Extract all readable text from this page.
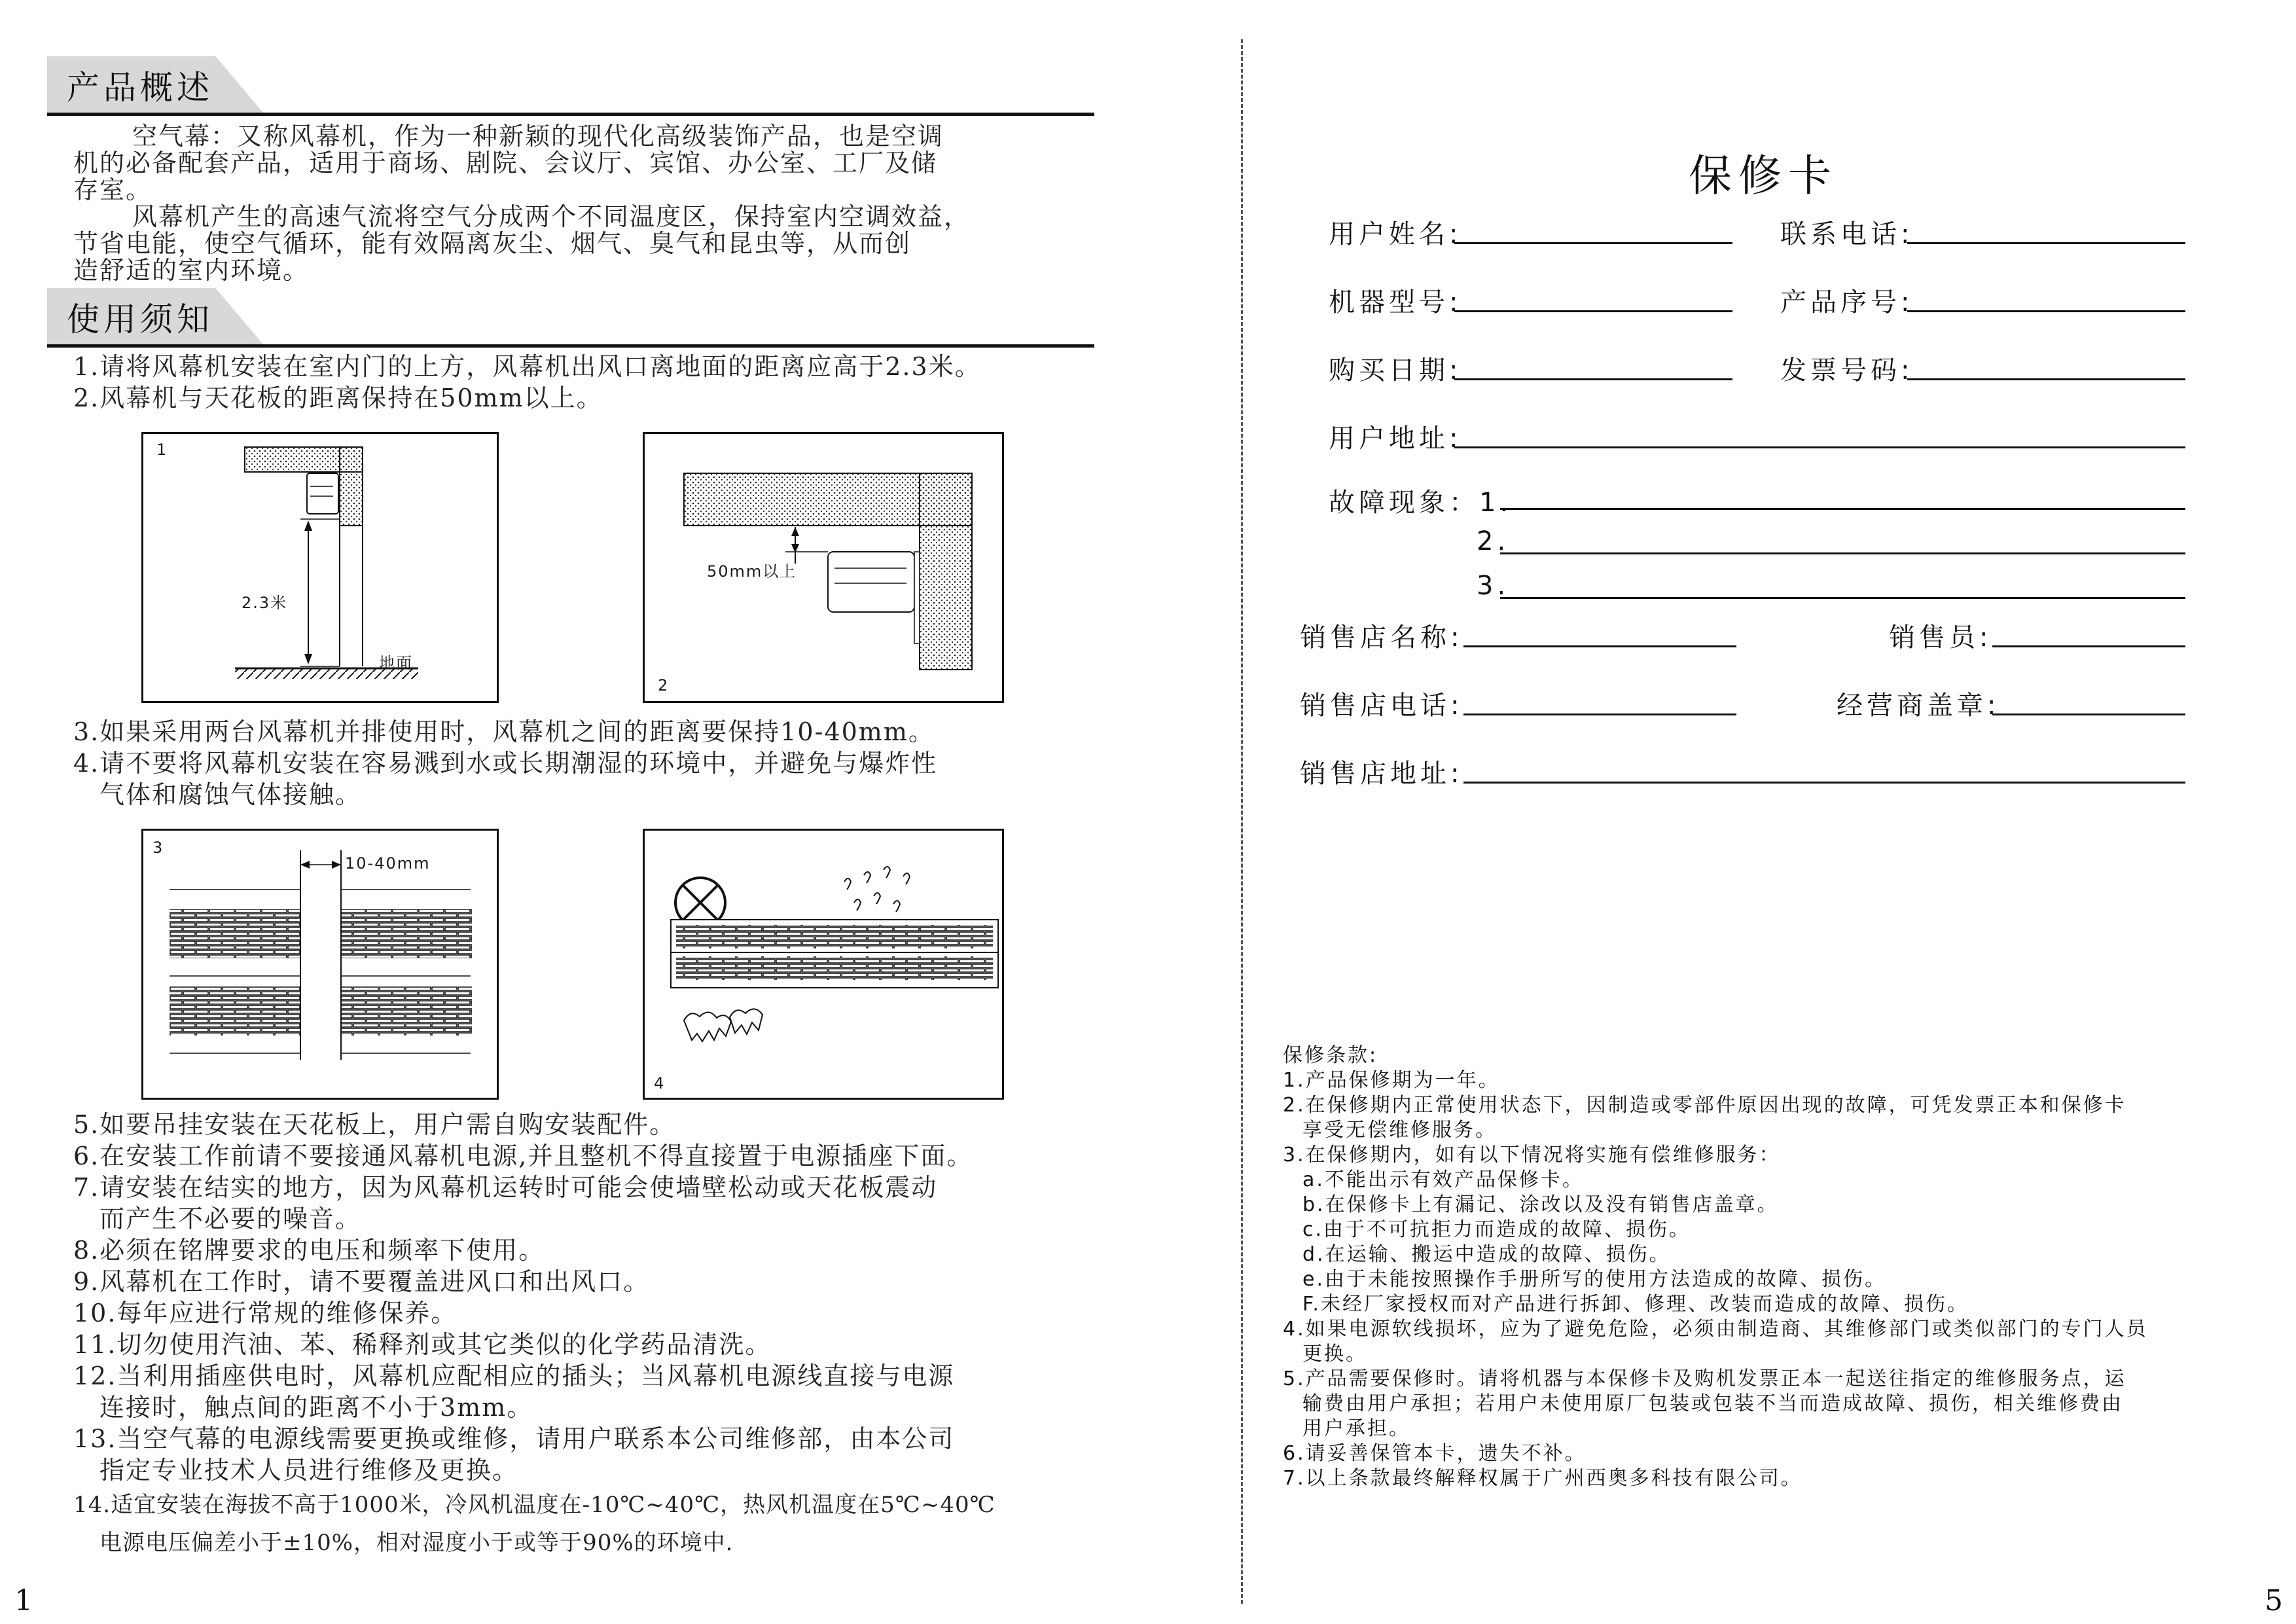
产品概述
空气幕：又称风幕机，作为一种新颖的现代化高级装饰产品，也是空调
机的必备配套产品，适用于商场、剧院、会议厅、宾馆、办公室、工厂及储
存室。
风幕机产生的高速气流将空气分成两个不同温度区，保持室内空调效益，
节省电能，使空气循环，能有效隔离灰尘、烟气、臭气和昆虫等，从而创
造舒适的室内环境。
使用须知
1.请将风幕机安装在室内门的上方，风幕机出风口离地面的距离应高于2.3米。
2.风幕机与天花板的距离保持在50mm以上。
1
2.3米
地面
2
50mm以上
3.如果采用两台风幕机并排使用时，风幕机之间的距离要保持10-40mm。
4.请不要将风幕机安装在容易溅到水或长期潮湿的环境中，并避免与爆炸性
气体和腐蚀气体接触。
3
10-40mm
4
5.如要吊挂安装在天花板上，用户需自购安装配件。
6.在安装工作前请不要接通风幕机电源,并且整机不得直接置于电源插座下面。
7.请安装在结实的地方，因为风幕机运转时可能会使墙壁松动或天花板震动
而产生不必要的噪音。
8.必须在铭牌要求的电压和频率下使用。
9.风幕机在工作时，请不要覆盖进风口和出风口。
10.每年应进行常规的维修保养。
11.切勿使用汽油、苯、稀释剂或其它类似的化学药品清洗。
12.当利用插座供电时，风幕机应配相应的插头；当风幕机电源线直接与电源
连接时，触点间的距离不小于3mm。
13.当空气幕的电源线需要更换或维修，请用户联系本公司维修部，由本公司
指定专业技术人员进行维修及更换。
14.适宜安装在海拔不高于1000米，冷风机温度在-10℃~40℃，热风机温度在5℃~40℃
电源电压偏差小于±10%，相对湿度小于或等于90%的环境中.
1
保修卡
用户姓名:	联系电话:
机器型号:	产品序号:
购买日期:	发票号码:
用户地址:
故障现象：1.
2.
3.
销售店名称:	销售员:
销售店电话:	经营商盖章:
销售店地址:
保修条款:
1.产品保修期为一年。
2.在保修期内正常使用状态下，因制造或零部件原因出现的故障，可凭发票正本和保修卡
享受无偿维修服务。
3.在保修期内，如有以下情况将实施有偿维修服务：
a.不能出示有效产品保修卡。
b.在保修卡上有漏记、涂改以及没有销售店盖章。
c.由于不可抗拒力而造成的故障、损伤。
d.在运输、搬运中造成的故障、损伤。
e.由于未能按照操作手册所写的使用方法造成的故障、损伤。
F.未经厂家授权而对产品进行拆卸、修理、改装而造成的故障、损伤。
4.如果电源软线损坏，应为了避免危险，必须由制造商、其维修部门或类似部门的专门人员
更换。
5.产品需要保修时。请将机器与本保修卡及购机发票正本一起送往指定的维修服务点，运
输费由用户承担；若用户未使用原厂包装或包装不当而造成故障、损伤，相关维修费由
用户承担。
6.请妥善保管本卡，遗失不补。
7.以上条款最终解释权属于广州西奥多科技有限公司。
5
